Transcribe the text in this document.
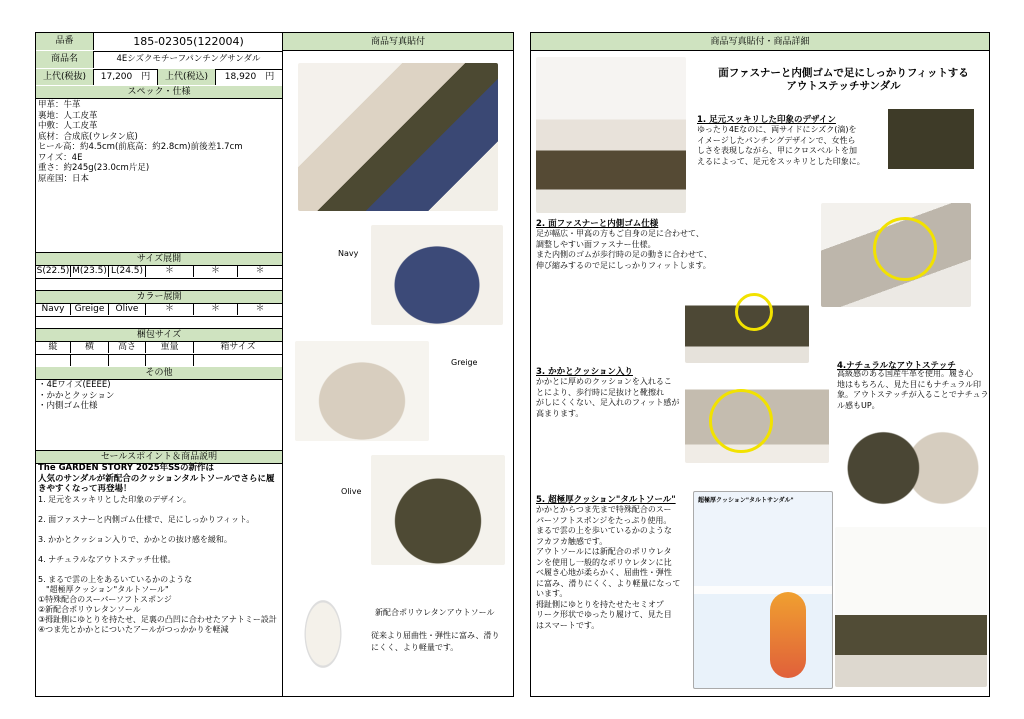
品番	185-02305(122004)
商品名	4Eシズクモチーフパンチングサンダル
上代(税抜)	17,200　円	上代(税込)	18,920　円
スペック・仕様
甲革：牛革
裏地：人工皮革
中敷：人工皮革
底材：合成底(ウレタン底)
ヒール高：約4.5cm(前底高：約2.8cm)前後差1.7cm
ワイズ：4E
重さ：約245g(23.0cm片足)
原産国：日本
サイズ展開
S(22.5) M(23.5) L(24.5)	＊	＊	＊
カラー展開
Navy	Greige	Olive	＊	＊	＊
梱包サイズ
縦	横	高さ	重量	箱サイズ
その他
・4Eワイズ(EEEE)
・かかとクッション
・内側ゴム仕様
セールスポイント＆商品説明
The GARDEN STORY 2025年SSの新作は
人気のサンダルが新配合のクッションタルトソールでさらに履きやすくなって再登場！
1. 足元をスッキリとした印象のデザイン。

2. 面ファスナーと内側ゴム仕様で、足にしっかりフィット。

3. かかとクッション入りで、かかとの抜け感を緩和。

4. ナチュラルなアウトステッチ仕様。

5. まるで雲の上をあるいているかのような
　"超極厚クッション"タルトソール"
①特殊配合のスーパーソフトスポンジ
②新配合ポリウレタンソール
③拇趾側にゆとりを持たせ、足裏の凸凹に合わせたアナトミー設計
④つま先とかかとについたアールがつっかかりを軽減
商品写真貼付
Navy
Greige
Olive
新配合ポリウレタンアウトソール
従来より屈曲性・弾性に富み、滑りにくく、より軽量です。
商品写真貼付・商品詳細
面ファスナーと内側ゴムで足にしっかりフィットする
アウトステッチサンダル
1. 足元スッキリした印象のデザイン
ゆったり4Eなのに、両サイドにシズク(滴)を
イメージしたパンチングデザインで、女性ら
しさを表現しながら、甲にクロスベルトを加
えるによって、足元をスッキリとした印象に。
2. 面ファスナーと内側ゴム仕様
足が幅広・甲高の方もご自身の足に合わせて、
調整しやすい面ファスナー仕様。
また内側のゴムが歩行時の足の動きに合わせて、
伸び縮みするので足にしっかりフィットします。
3. かかとクッション入り
かかとに厚めのクッションを入れるこ
とにより、歩行時に足抜けと靴擦れ
がしにくくない、足入れのフィット感が
高まります。
4.ナチュラルなアウトステッチ
高級感のある国産牛革を使用。履き心
地はもちろん、見た目にもナチュラル印
象。アウトステッチが入ることでナチュラ
ル感もUP。
5. 超極厚クッション"タルトソール"
かかとからつま先まで特殊配合のスー
パーソフトスポンジをたっぷり使用。
まるで雲の上を歩いているかのような
フカフカ触感です。
アウトソールには新配合のポリウレタ
ンを使用し一般的なポリウレタンに比
べ履き心地が柔らかく、屈曲性・弾性
に富み、滑りにくく、より軽量になって
います。
拇趾側にゆとりを持たせたセミオプ
リーク形状でゆったり履けて、見た目
はスマートです。
超極厚クッション"タルトサンダル"
